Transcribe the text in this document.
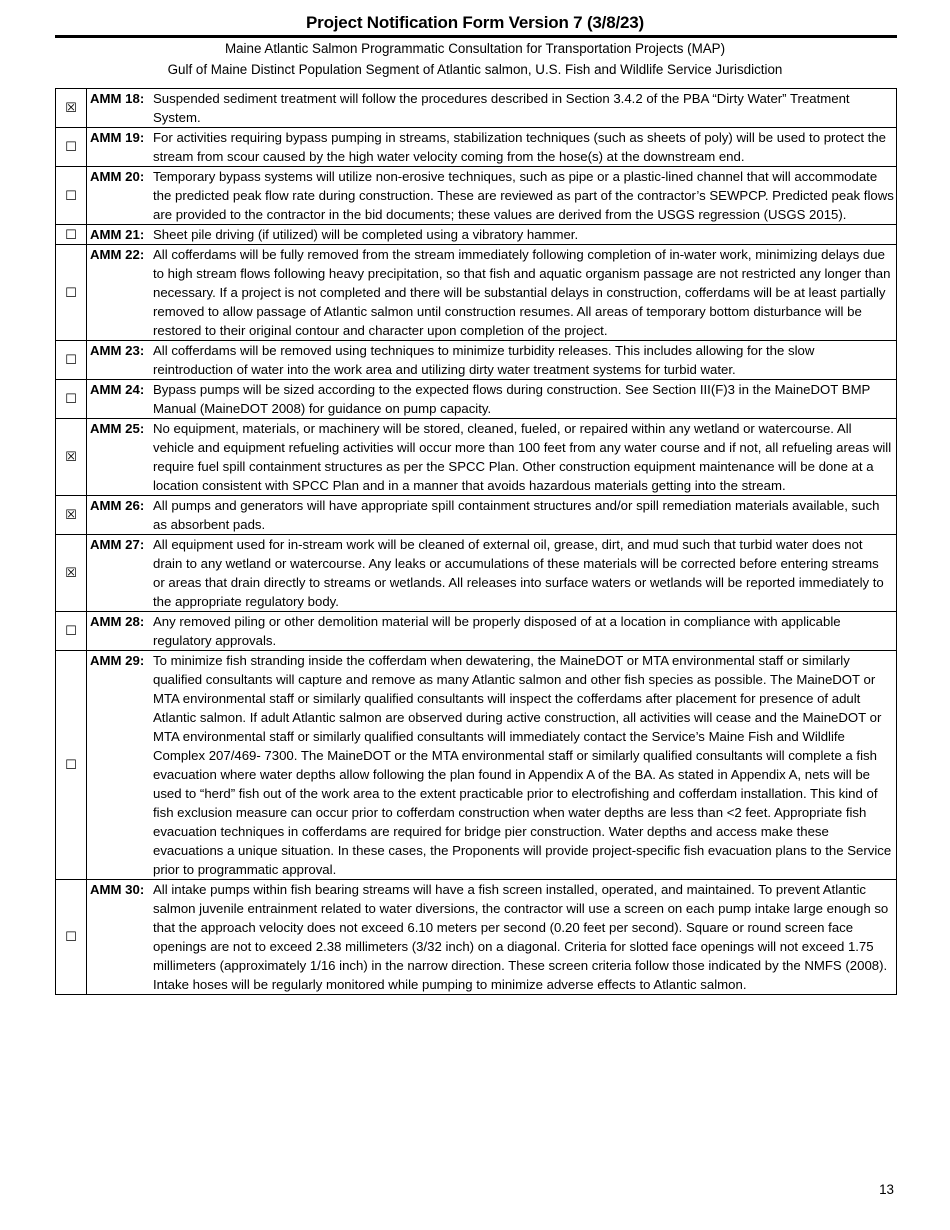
Project Notification Form Version 7 (3/8/23)
Maine Atlantic Salmon Programmatic Consultation for Transportation Projects (MAP)
Gulf of Maine Distinct Population Segment of Atlantic salmon, U.S. Fish and Wildlife Service Jurisdiction
☒	AMM 18: Suspended sediment treatment will follow the procedures described in Section 3.4.2 of the PBA “Dirty Water” Treatment System.

☐	AMM 19: For activities requiring bypass pumping in streams, stabilization techniques (such as sheets of poly) will be used to protect the stream from scour caused by the high water velocity coming from the hose(s) at the downstream end.

☐	AMM 20: Temporary bypass systems will utilize non-erosive techniques, such as pipe or a plastic-lined channel that will accommodate the predicted peak flow rate during construction. These are reviewed as part of the contractor’s SEWPCP. Predicted peak flows are provided to the contractor in the bid documents; these values are derived from the USGS regression (USGS 2015).

☐	AMM 21: Sheet pile driving (if utilized) will be completed using a vibratory hammer.

☐	AMM 22: All cofferdams will be fully removed from the stream immediately following completion of in-water work, minimizing delays due to high stream flows following heavy precipitation, so that fish and aquatic organism passage are not restricted any longer than necessary. If a project is not completed and there will be substantial delays in construction, cofferdams will be at least partially removed to allow passage of Atlantic salmon until construction resumes. All areas of temporary bottom disturbance will be restored to their original contour and character upon completion of the project.

☐	AMM 23: All cofferdams will be removed using techniques to minimize turbidity releases. This includes allowing for the slow reintroduction of water into the work area and utilizing dirty water treatment systems for turbid water.

☐	AMM 24: Bypass pumps will be sized according to the expected flows during construction. See Section III(F)3 in the MaineDOT BMP Manual (MaineDOT 2008) for guidance on pump capacity.

☒	AMM 25: No equipment, materials, or machinery will be stored, cleaned, fueled, or repaired within any wetland or watercourse. All vehicle and equipment refueling activities will occur more than 100 feet from any water course and if not, all refueling areas will require fuel spill containment structures as per the SPCC Plan. Other construction equipment maintenance will be done at a location consistent with SPCC Plan and in a manner that avoids hazardous materials getting into the stream.

☒	AMM 26: All pumps and generators will have appropriate spill containment structures and/or spill remediation materials available, such as absorbent pads.

☒	AMM 27: All equipment used for in-stream work will be cleaned of external oil, grease, dirt, and mud such that turbid water does not drain to any wetland or watercourse. Any leaks or accumulations of these materials will be corrected before entering streams or areas that drain directly to streams or wetlands. All releases into surface waters or wetlands will be reported immediately to the appropriate regulatory body.

☐	AMM 28: Any removed piling or other demolition material will be properly disposed of at a location in compliance with applicable regulatory approvals.

☐	AMM 29: To minimize fish stranding inside the cofferdam when dewatering, the MaineDOT or MTA environmental staff or similarly qualified consultants will capture and remove as many Atlantic salmon and other fish species as possible. The MaineDOT or MTA environmental staff or similarly qualified consultants will inspect the cofferdams after placement for presence of adult Atlantic salmon. If adult Atlantic salmon are observed during active construction, all activities will cease and the MaineDOT or MTA environmental staff or similarly qualified consultants will immediately contact the Service’s Maine Fish and Wildlife Complex 207/469- 7300. The MaineDOT or the MTA environmental staff or similarly qualified consultants will complete a fish evacuation where water depths allow following the plan found in Appendix A of the BA. As stated in Appendix A, nets will be used to “herd” fish out of the work area to the extent practicable prior to electrofishing and cofferdam installation. This kind of fish exclusion measure can occur prior to cofferdam construction when water depths are less than <2 feet. Appropriate fish evacuation techniques in cofferdams are required for bridge pier construction. Water depths and access make these evacuations a unique situation. In these cases, the Proponents will provide project-specific fish evacuation plans to the Service prior to programmatic approval.

☐	AMM 30: All intake pumps within fish bearing streams will have a fish screen installed, operated, and maintained. To prevent Atlantic salmon juvenile entrainment related to water diversions, the contractor will use a screen on each pump intake large enough so that the approach velocity does not exceed 6.10 meters per second (0.20 feet per second). Square or round screen face openings are not to exceed 2.38 millimeters (3/32 inch) on a diagonal. Criteria for slotted face openings will not exceed 1.75 millimeters (approximately 1/16 inch) in the narrow direction. These screen criteria follow those indicated by the NMFS (2008). Intake hoses will be regularly monitored while pumping to minimize adverse effects to Atlantic salmon.
13
